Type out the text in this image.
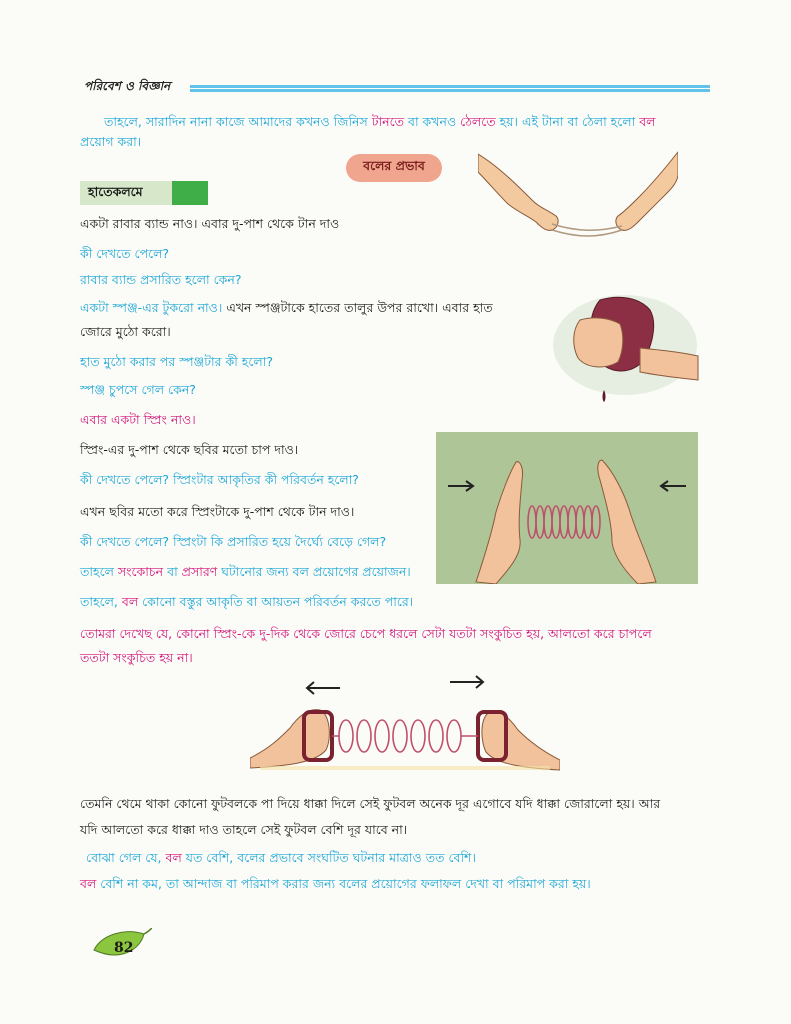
পরিবেশ ও বিজ্ঞান
তাহলে, সারাদিন নানা কাজে আমাদের কখনও জিনিস টানতে বা কখনও ঠেলতে হয়। এই টানা বা ঠেলা হলো বল
প্রয়োগ করা।
বলের প্রভাব
হাতেকলমে
একটা রাবার ব্যান্ড নাও। এবার দু-পাশ থেকে টান দাও
কী দেখতে পেলে?
রাবার ব্যান্ড প্রসারিত হলো কেন?
একটা স্পঞ্জ-এর টুকরো নাও। এখন স্পঞ্জটাকে হাতের তালুর উপর রাখো। এবার হাত
জোরে মুঠো করো।
হাত মুঠো করার পর স্পঞ্জটার কী হলো?
স্পঞ্জ চুপসে গেল কেন?
এবার একটা স্প্রিং নাও।
স্প্রিং-এর দু-পাশ থেকে ছবির মতো চাপ দাও।
কী দেখতে পেলে? স্প্রিংটার আকৃতির কী পরিবর্তন হলো?
এখন ছবির মতো করে স্প্রিংটাকে দু-পাশ থেকে টান দাও।
কী দেখতে পেলে? স্প্রিংটা কি প্রসারিত হয়ে দৈর্ঘ্যে বেড়ে গেল?
তাহলে সংকোচন বা প্রসারণ ঘটানোর জন্য বল প্রয়োগের প্রয়োজন।
তাহলে, বল কোনো বস্তুর আকৃতি বা আয়তন পরিবর্তন করতে পারে।
তোমরা দেখেছ যে, কোনো স্প্রিং-কে দু-দিক থেকে জোরে চেপে ধরলে সেটা যতটা সংকুচিত হয়, আলতো করে চাপলে
ততটা সংকুচিত হয় না।
তেমনি থেমে থাকা কোনো ফুটবলকে পা দিয়ে ধাক্কা দিলে সেই ফুটবল অনেক দূর এগোবে যদি ধাক্কা জোরালো হয়। আর
যদি আলতো করে ধাক্কা দাও তাহলে সেই ফুটবল বেশি দূর যাবে না।
বোঝা গেল যে, বল যত বেশি, বলের প্রভাবে সংঘটিত ঘটনার মাত্রাও তত বেশি।
বল বেশি না কম, তা আন্দাজ বা পরিমাপ করার জন্য বলের প্রয়োগের ফলাফল দেখা বা পরিমাপ করা হয়।
82
